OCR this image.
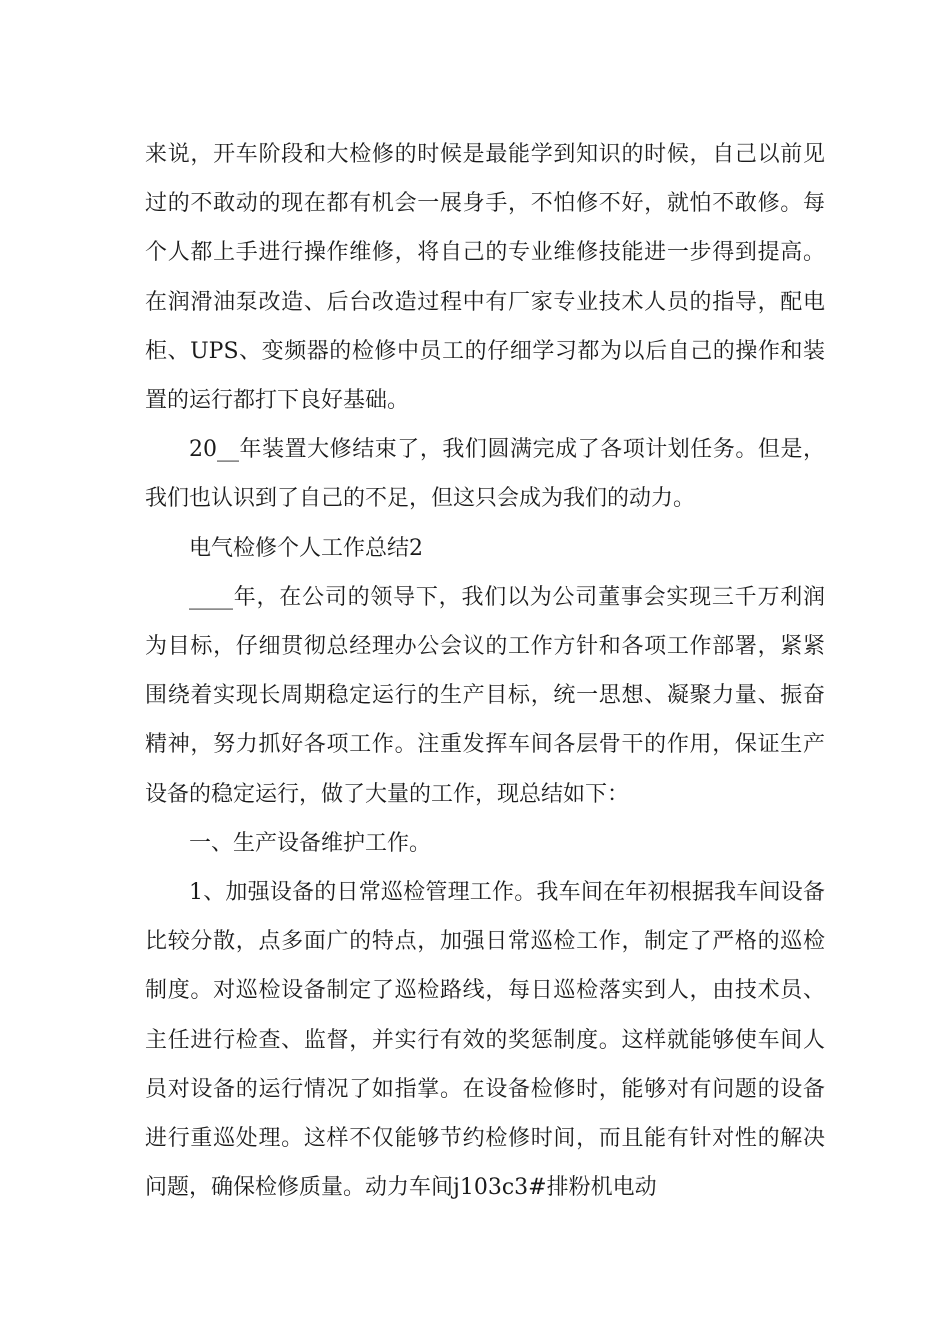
来说，开车阶段和大检修的时候是最能学到知识的时候，自己以前见过的不敢动的现在都有机会一展身手，不怕修不好，就怕不敢修。每个人都上手进行操作维修，将自己的专业维修技能进一步得到提高。在润滑油泵改造、后台改造过程中有厂家专业技术人员的指导，配电柜、UPS、变频器的检修中员工的仔细学习都为以后自己的操作和装置的运行都打下良好基础。

20__年装置大修结束了，我们圆满完成了各项计划任务。但是，我们也认识到了自己的不足，但这只会成为我们的动力。

电气检修个人工作总结2

____年，在公司的领导下，我们以为公司董事会实现三千万利润为目标，仔细贯彻总经理办公会议的工作方针和各项工作部署，紧紧围绕着实现长周期稳定运行的生产目标，统一思想、凝聚力量、振奋精神，努力抓好各项工作。注重发挥车间各层骨干的作用，保证生产设备的稳定运行，做了大量的工作，现总结如下：

一、生产设备维护工作。

1、加强设备的日常巡检管理工作。我车间在年初根据我车间设备比较分散，点多面广的特点，加强日常巡检工作，制定了严格的巡检制度。对巡检设备制定了巡检路线，每日巡检落实到人，由技术员、主任进行检查、监督，并实行有效的奖惩制度。这样就能够使车间人员对设备的运行情况了如指掌。在设备检修时，能够对有问题的设备进行重巡处理。这样不仅能够节约检修时间，而且能有针对性的解决问题，确保检修质量。动力车间j103c3#排粉机电动
